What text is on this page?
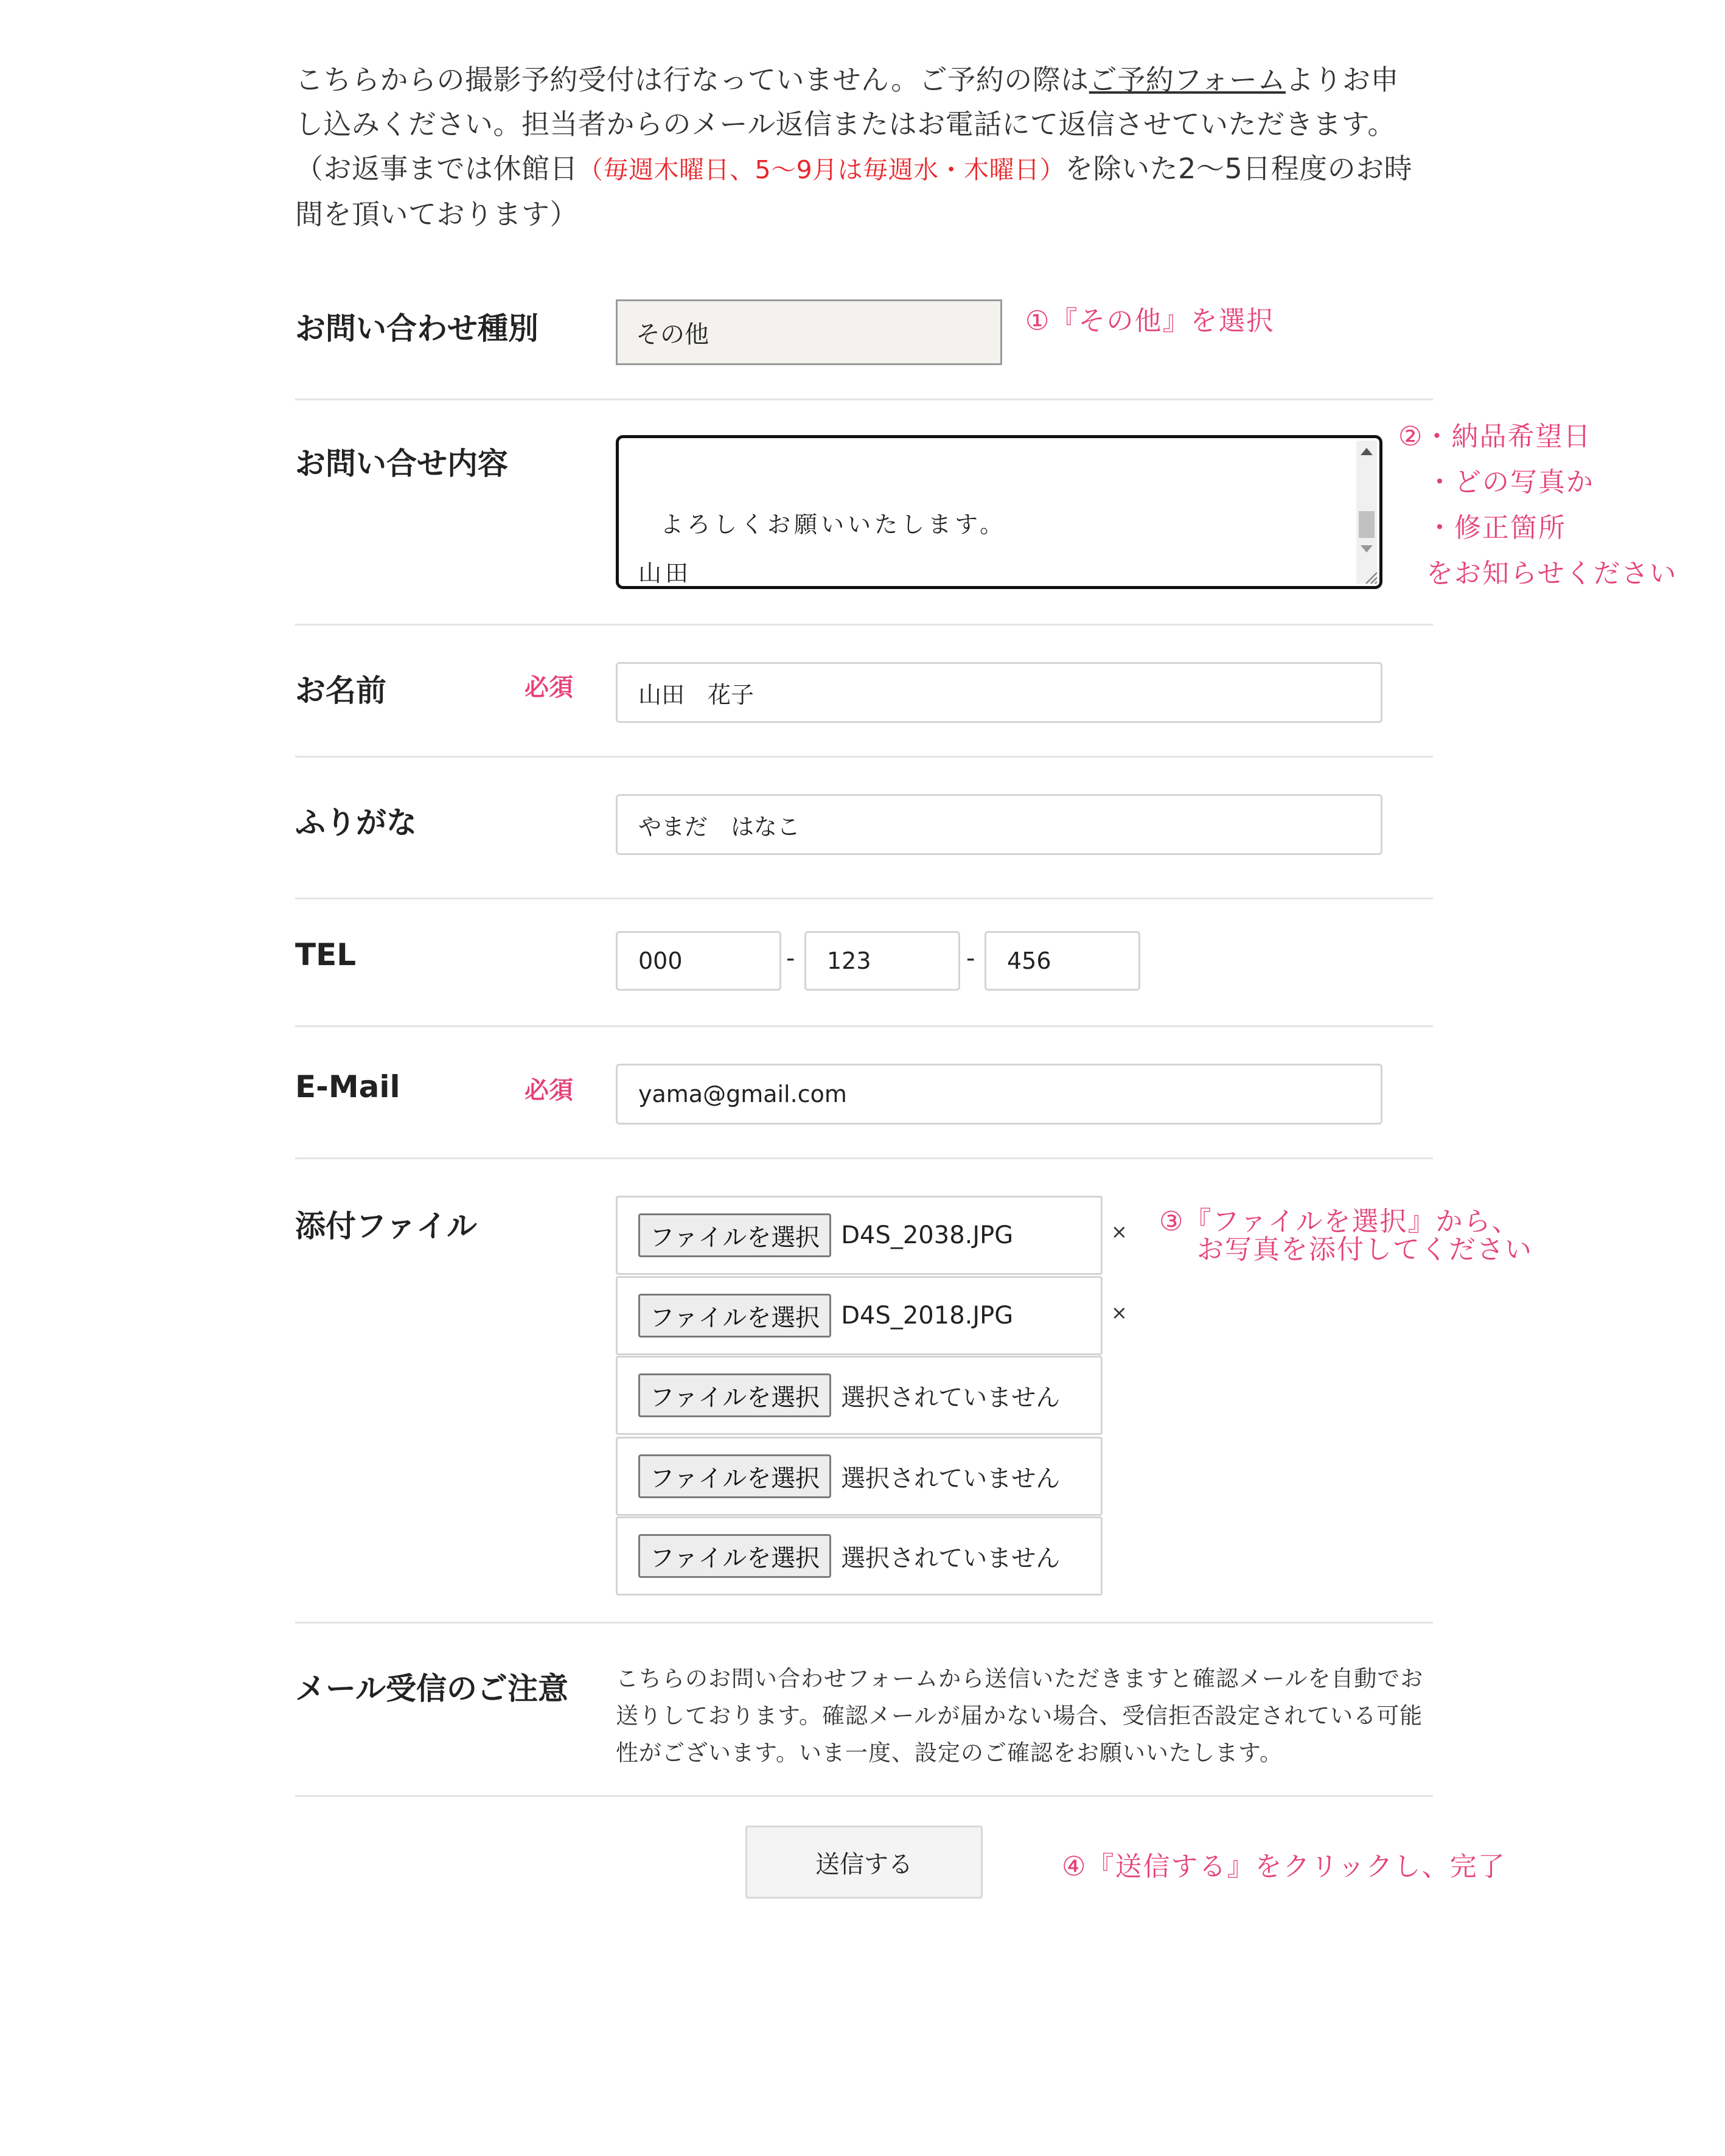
こちらからの撮影予約受付は行なっていません。ご予約の際はご予約フォームよりお申し込みください。担当者からのメール返信またはお電話にて返信させていただきます。（お返事までは休館日（毎週木曜日、5〜9月は毎週水・木曜日）を除いた2〜5日程度のお時間を頂いております）
お問い合わせ種別	その他	①『その他』を選択
お問い合せ内容

よろしくお願いいたします。
山田

②・納品希望日
　・どの写真か
　・修正箇所
　をお知らせください
お名前	必須	山田　花子
ふりがな	やまだ　はなこ
TEL	000	- 123	- 456
E-Mail	必須	yama@gmail.com
添付ファイル	ファイルを選択 D4S_2038.JPG	×
ファイルを選択 D4S_2018.JPG	×
ファイルを選択 選択されていません
ファイルを選択 選択されていません
ファイルを選択 選択されていません
③『ファイルを選択』から、
　 お写真を添付してください
メール受信のご注意 こちらのお問い合わせフォームから送信いただきますと確認メールを自動でお送りしております。確認メールが届かない場合、受信拒否設定されている可能性がございます。いま一度、設定のご確認をお願いいたします。
送信する	④『送信する』をクリックし、完了
